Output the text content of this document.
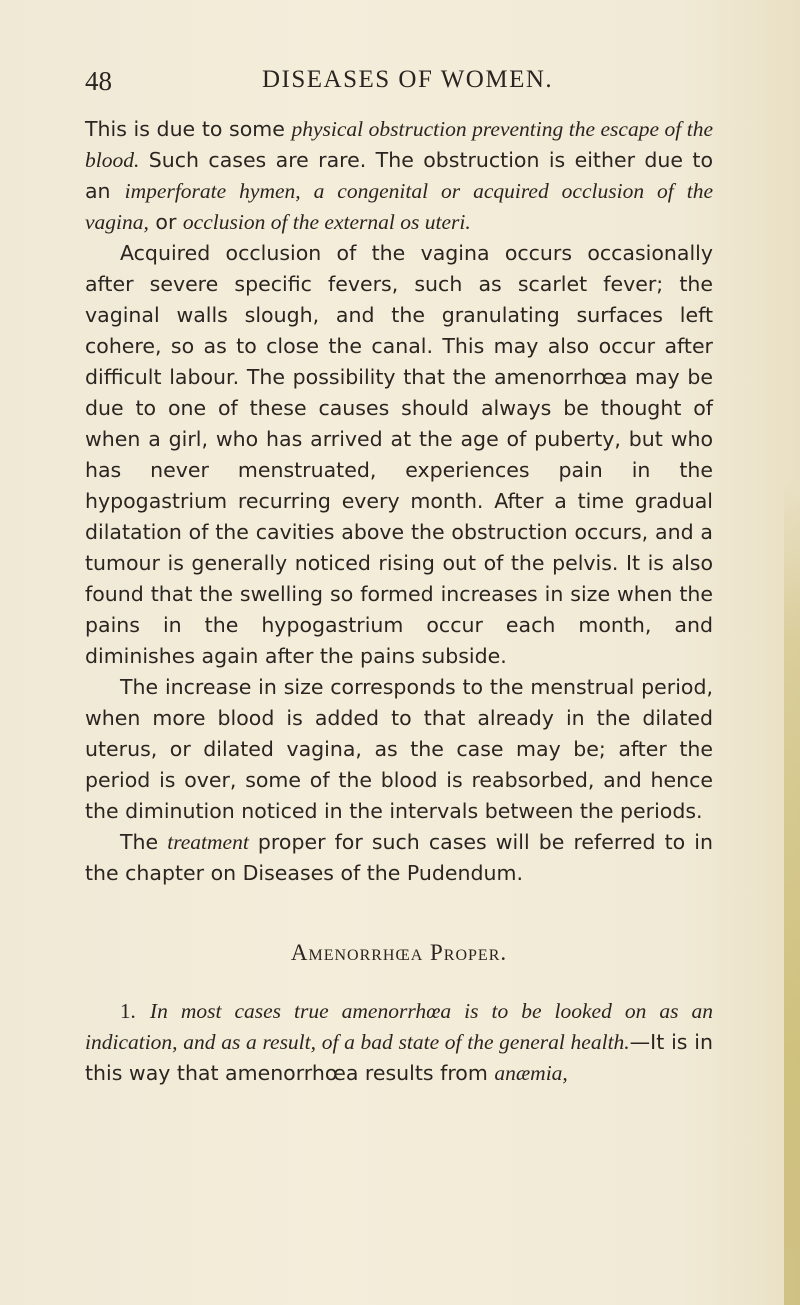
48	DISEASES OF WOMEN.

This is due to some physical obstruction preventing the escape of the blood. Such cases are rare. The obstruction is either due to an imperforate hymen, a congenital or acquired occlusion of the vagina, or occlusion of the external os uteri.

Acquired occlusion of the vagina occurs occasionally after severe specific fevers, such as scarlet fever; the vaginal walls slough, and the granulating surfaces left cohere, so as to close the canal. This may also occur after difficult labour. The possibility that the amenorrhœa may be due to one of these causes should always be thought of when a girl, who has arrived at the age of puberty, but who has never menstruated, experiences pain in the hypogastrium recurring every month. After a time gradual dilatation of the cavities above the obstruction occurs, and a tumour is generally noticed rising out of the pelvis. It is also found that the swelling so formed increases in size when the pains in the hypogastrium occur each month, and diminishes again after the pains subside.

The increase in size corresponds to the menstrual period, when more blood is added to that already in the dilated uterus, or dilated vagina, as the case may be; after the period is over, some of the blood is reabsorbed, and hence the diminution noticed in the intervals between the periods.

The treatment proper for such cases will be referred to in the chapter on Diseases of the Pudendum.

Amenorrhœa Proper.

1. In most cases true amenorrhœa is to be looked on as an indication, and as a result, of a bad state of the general health.—It is in this way that amenorrhœa results from anæmia,
